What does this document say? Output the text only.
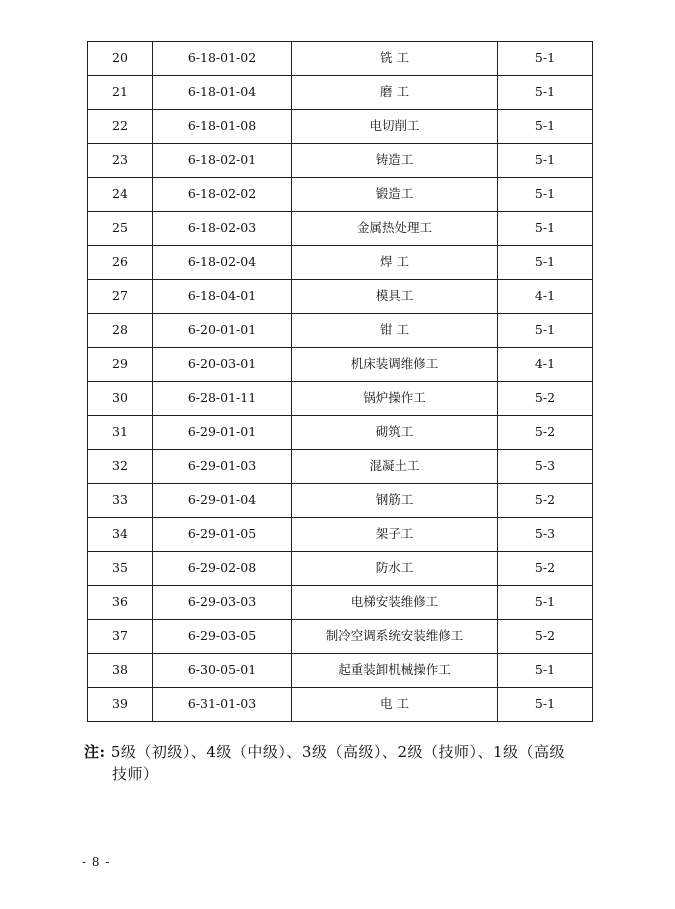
20	6-18-01-02	铣 工	5-1
21	6-18-01-04	磨 工	5-1
22	6-18-01-08	电切削工	5-1
23	6-18-02-01	铸造工	5-1
24	6-18-02-02	锻造工	5-1
25	6-18-02-03	金属热处理工	5-1
26	6-18-02-04	焊 工	5-1
27	6-18-04-01	模具工	4-1
28	6-20-01-01	钳 工	5-1
29	6-20-03-01	机床装调维修工	4-1
30	6-28-01-11	锅炉操作工	5-2
31	6-29-01-01	砌筑工	5-2
32	6-29-01-03	混凝土工	5-3
33	6-29-01-04	钢筋工	5-2
34	6-29-01-05	架子工	5-3
35	6-29-02-08	防水工	5-2
36	6-29-03-03	电梯安装维修工	5-1
37	6-29-03-05	制冷空调系统安装维修工	5-2
38	6-30-05-01	起重装卸机械操作工	5-1
39	6-31-01-03	电 工	5-1
注: 5级（初级）、4级（中级）、3级（高级）、2级（技师）、1级（高级
技师）
- 8 -
